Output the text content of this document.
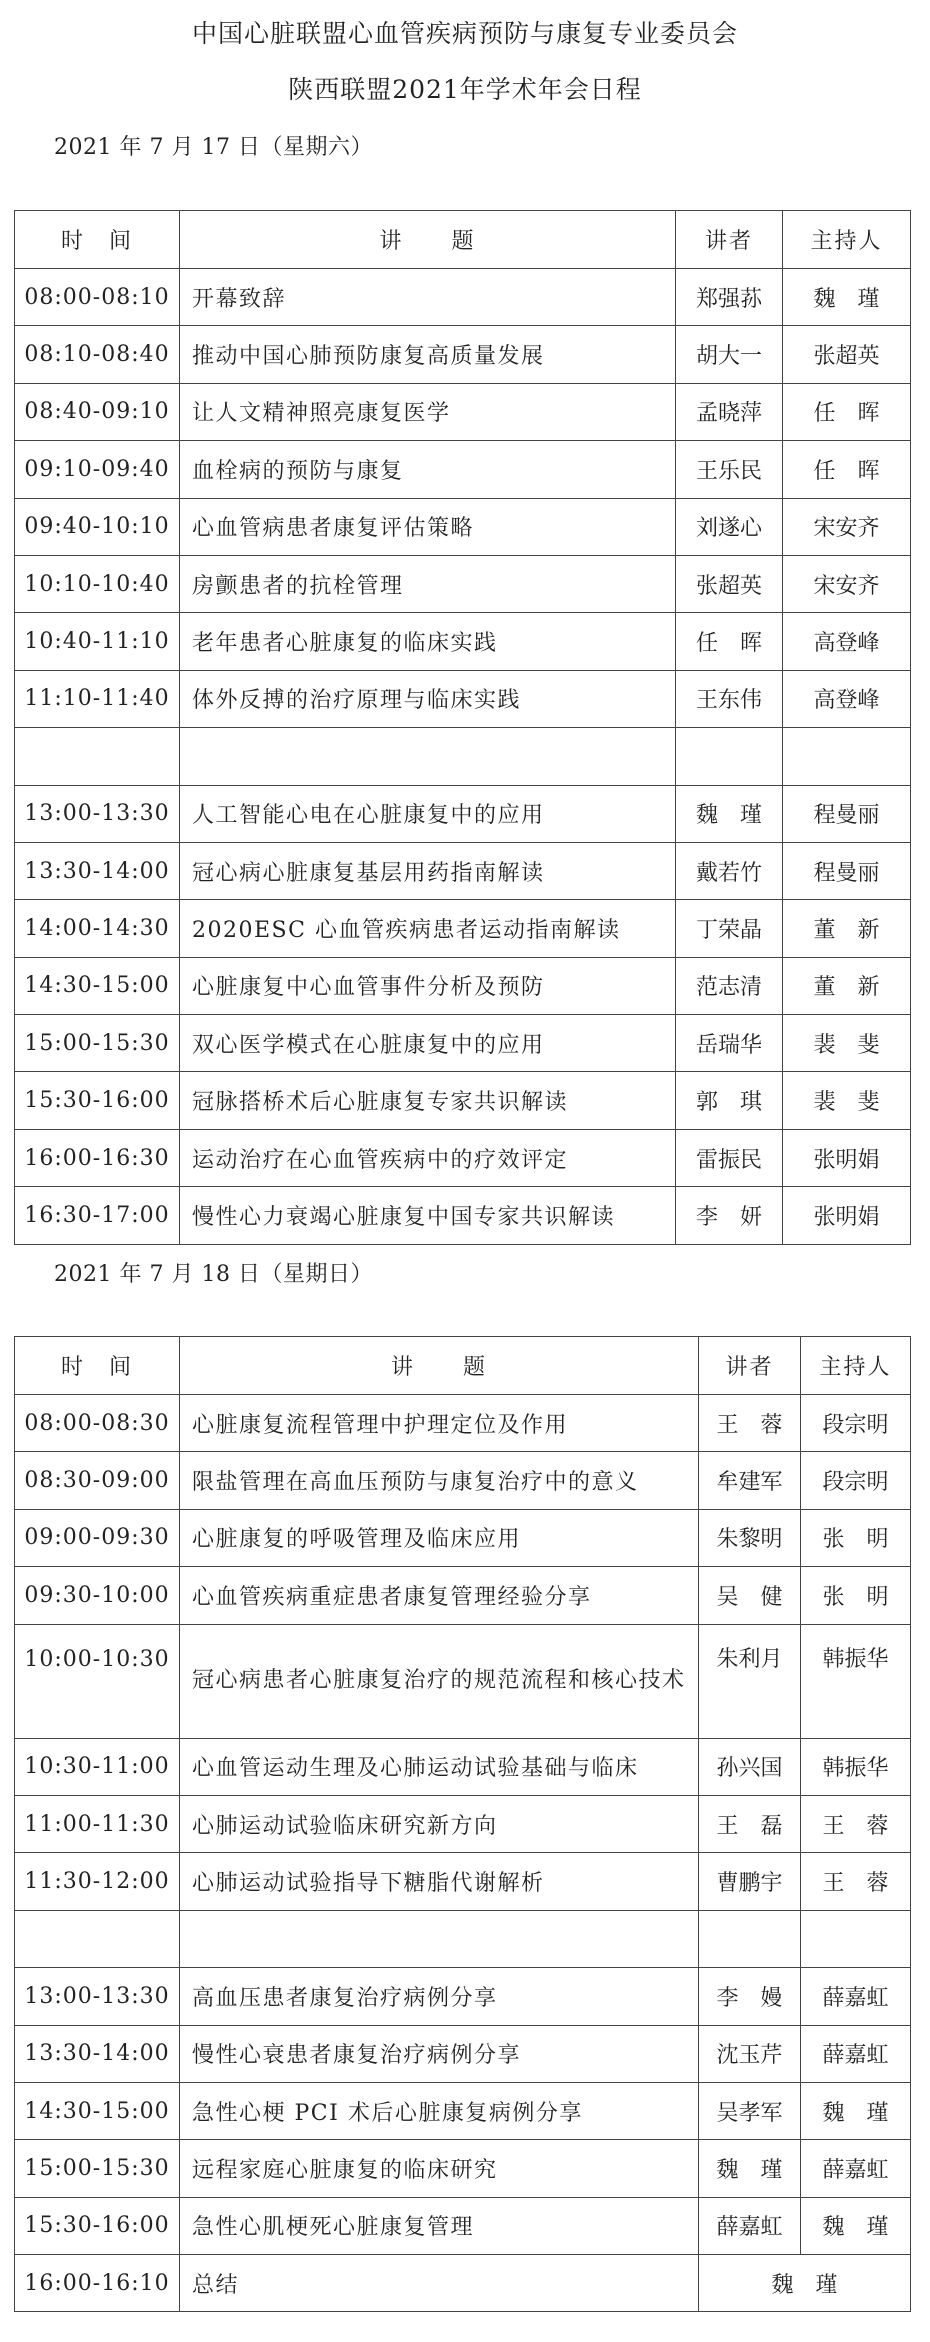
中国心脏联盟心血管疾病预防与康复专业委员会
陕西联盟2021年学术年会日程
2021 年 7 月 17 日（星期六）
时　间	讲　　题	讲者	主持人
08:00-08:10	开幕致辞	郑强荪	魏　瑾
08:10-08:40	推动中国心肺预防康复高质量发展	胡大一	张超英
08:40-09:10	让人文精神照亮康复医学	孟晓萍	任　晖
09:10-09:40	血栓病的预防与康复	王乐民	任　晖
09:40-10:10	心血管病患者康复评估策略	刘遂心	宋安齐
10:10-10:40	房颤患者的抗栓管理	张超英	宋安齐
10:40-11:10	老年患者心脏康复的临床实践	任　晖	高登峰
11:10-11:40	体外反搏的治疗原理与临床实践	王东伟	高登峰

13:00-13:30	人工智能心电在心脏康复中的应用	魏　瑾	程曼丽
13:30-14:00	冠心病心脏康复基层用药指南解读	戴若竹	程曼丽
14:00-14:30	2020ESC 心血管疾病患者运动指南解读	丁荣晶	董　新
14:30-15:00	心脏康复中心血管事件分析及预防	范志清	董　新
15:00-15:30	双心医学模式在心脏康复中的应用	岳瑞华	裴　斐
15:30-16:00	冠脉搭桥术后心脏康复专家共识解读	郭　琪	裴　斐
16:00-16:30	运动治疗在心血管疾病中的疗效评定	雷振民	张明娟
16:30-17:00	慢性心力衰竭心脏康复中国专家共识解读	李　妍	张明娟
2021 年 7 月 18 日（星期日）
时　间	讲　　题	讲者	主持人
08:00-08:30	心脏康复流程管理中护理定位及作用	王　蓉	段宗明
08:30-09:00	限盐管理在高血压预防与康复治疗中的意义	牟建军	段宗明
09:00-09:30	心脏康复的呼吸管理及临床应用	朱黎明	张　明
09:30-10:00	心血管疾病重症患者康复管理经验分享	吴　健	张　明
10:00-10:30	冠心病患者心脏康复治疗的规范流程和核心技术	朱利月	韩振华
10:30-11:00	心血管运动生理及心肺运动试验基础与临床	孙兴国	韩振华
11:00-11:30	心肺运动试验临床研究新方向	王　磊	王　蓉
11:30-12:00	心肺运动试验指导下糖脂代谢解析	曹鹏宇	王　蓉

13:00-13:30	高血压患者康复治疗病例分享	李　嫚	薛嘉虹
13:30-14:00	慢性心衰患者康复治疗病例分享	沈玉芹	薛嘉虹
14:30-15:00	急性心梗 PCI 术后心脏康复病例分享	吴孝军	魏　瑾
15:00-15:30	远程家庭心脏康复的临床研究	魏　瑾	薛嘉虹
15:30-16:00	急性心肌梗死心脏康复管理	薛嘉虹	魏　瑾
16:00-16:10	总结	魏　瑾	
